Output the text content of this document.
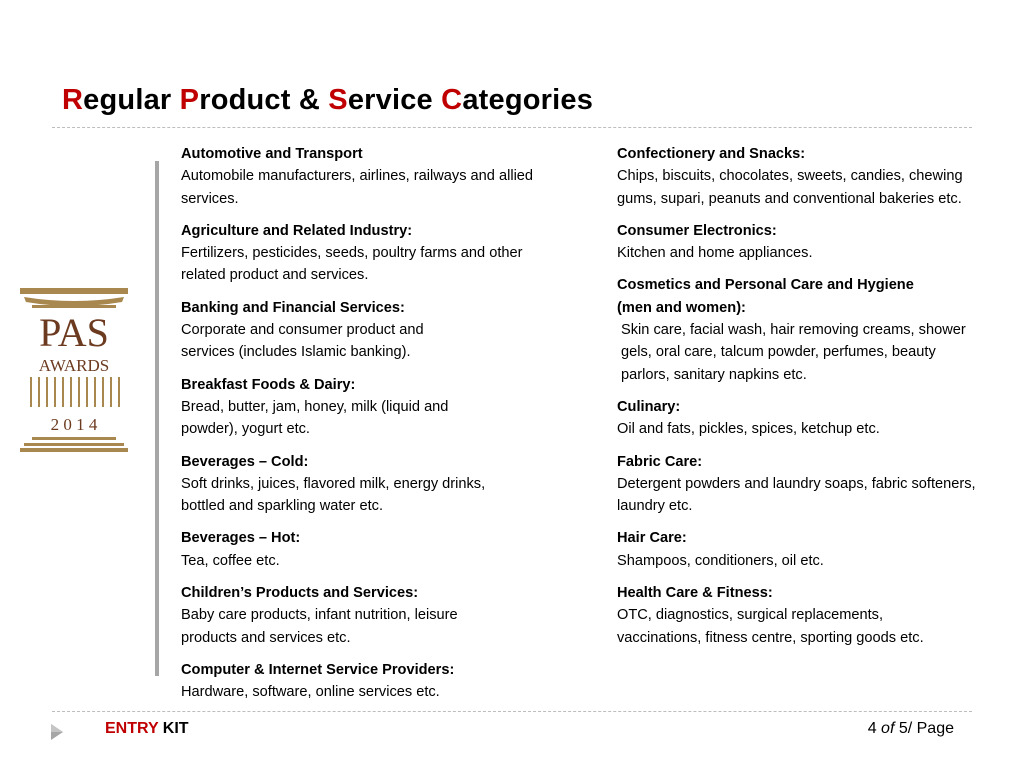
Regular Product & Service Categories
PAS
AWARDS
2 0 1 4
Automotive and Transport
Automobile manufacturers, airlines, railways and allied services.
Agriculture and Related Industry:
Fertilizers, pesticides, seeds, poultry farms and other related product and services.
Banking and Financial Services:
Corporate and consumer product and services (includes Islamic banking).
Breakfast Foods & Dairy:
Bread, butter, jam, honey, milk (liquid and powder), yogurt etc.
Beverages – Cold:
Soft drinks, juices, flavored milk, energy drinks, bottled and sparkling water etc.
Beverages – Hot:
Tea, coffee etc.
Children’s Products and Services:
Baby care products, infant nutrition, leisure products and services etc.
Computer & Internet Service Providers:
Hardware, software, online services etc.
Confectionery and Snacks:
Chips, biscuits, chocolates, sweets, candies, chewing gums, supari, peanuts and conventional bakeries etc.
Consumer Electronics:
Kitchen and home appliances.
Cosmetics and Personal Care and Hygiene (men and women):
Skin care, facial wash, hair removing creams, shower gels, oral care, talcum powder, perfumes, beauty parlors, sanitary napkins etc.
Culinary:
Oil and fats, pickles, spices, ketchup etc.
Fabric Care:
Detergent powders and laundry soaps, fabric softeners, laundry etc.
Hair Care:
Shampoos, conditioners, oil etc.
Health Care & Fitness:
OTC, diagnostics, surgical replacements, vaccinations, fitness centre, sporting goods etc.
ENTRY KIT	4 of 5/ Page
